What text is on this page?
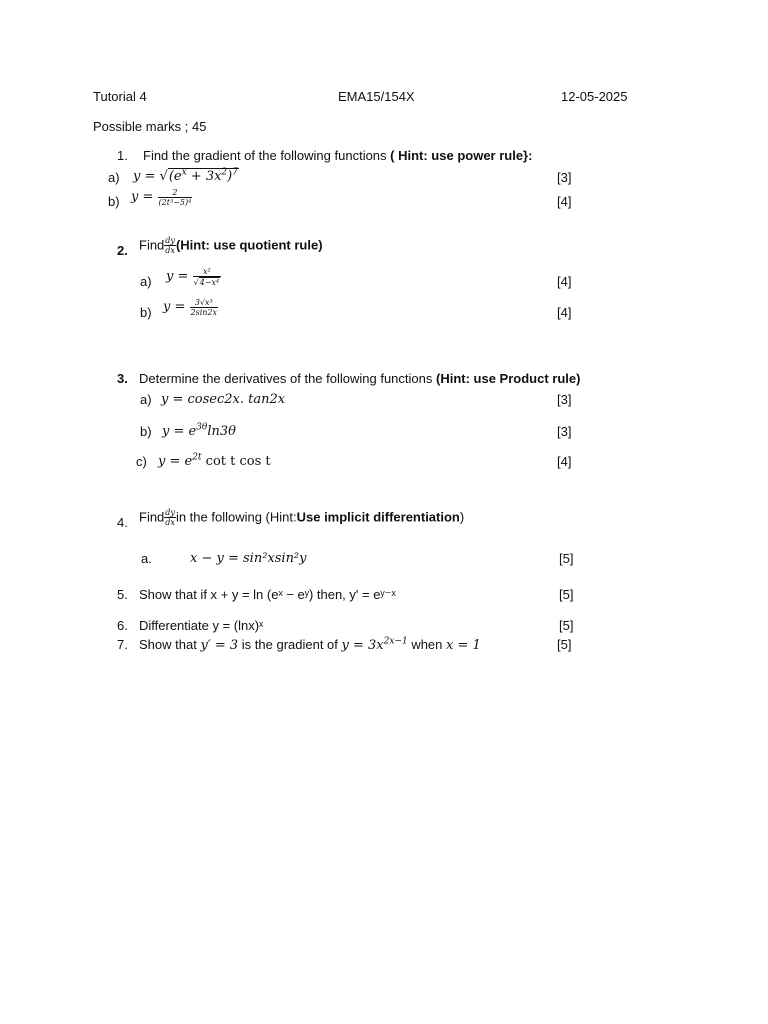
Tutorial 4	EMA15/154X	12-05-2025
Possible marks ; 45
1. Find the gradient of the following functions ( Hint: use power rule}:
a) $y = √(e^x + 3x^2)^7$	[3]
b) $y = \frac{2}{\text{(2t³−5)⁴}}$	[4]
2. Find $\frac{dy}{dx}$ (Hint: use quotient rule)
a) $y = \frac{\text{x²}}{\text{√4−x⁴}}$	[4]
b) $y = \frac{\text{3√x³}}{2\sin 2x}$	[4]
3. Determine the derivatives of the following functions (Hint: use Product rule)
a) y = cosec2x. tan2x	[3]
b) $y = e^{3\theta}\ln 3\theta$	[3]
c) $y = e^{2t}$ cot t cos t	[4]
4. Find $\frac{dy}{dx}$ in the following (Hint:Use implicit differentiation)
a.	x − y = sin²xsin²y	[5]
5. Show that if x + y = ln (eˣ − eʸ) then, y' = eʸ⁻ˣ	[5]
6. Differentiate y = (lnx)ˣ	[5]
7. Show that y′ = 3 is the gradient of $y = 3x^{2x-1}$ when x = 1	[5]
